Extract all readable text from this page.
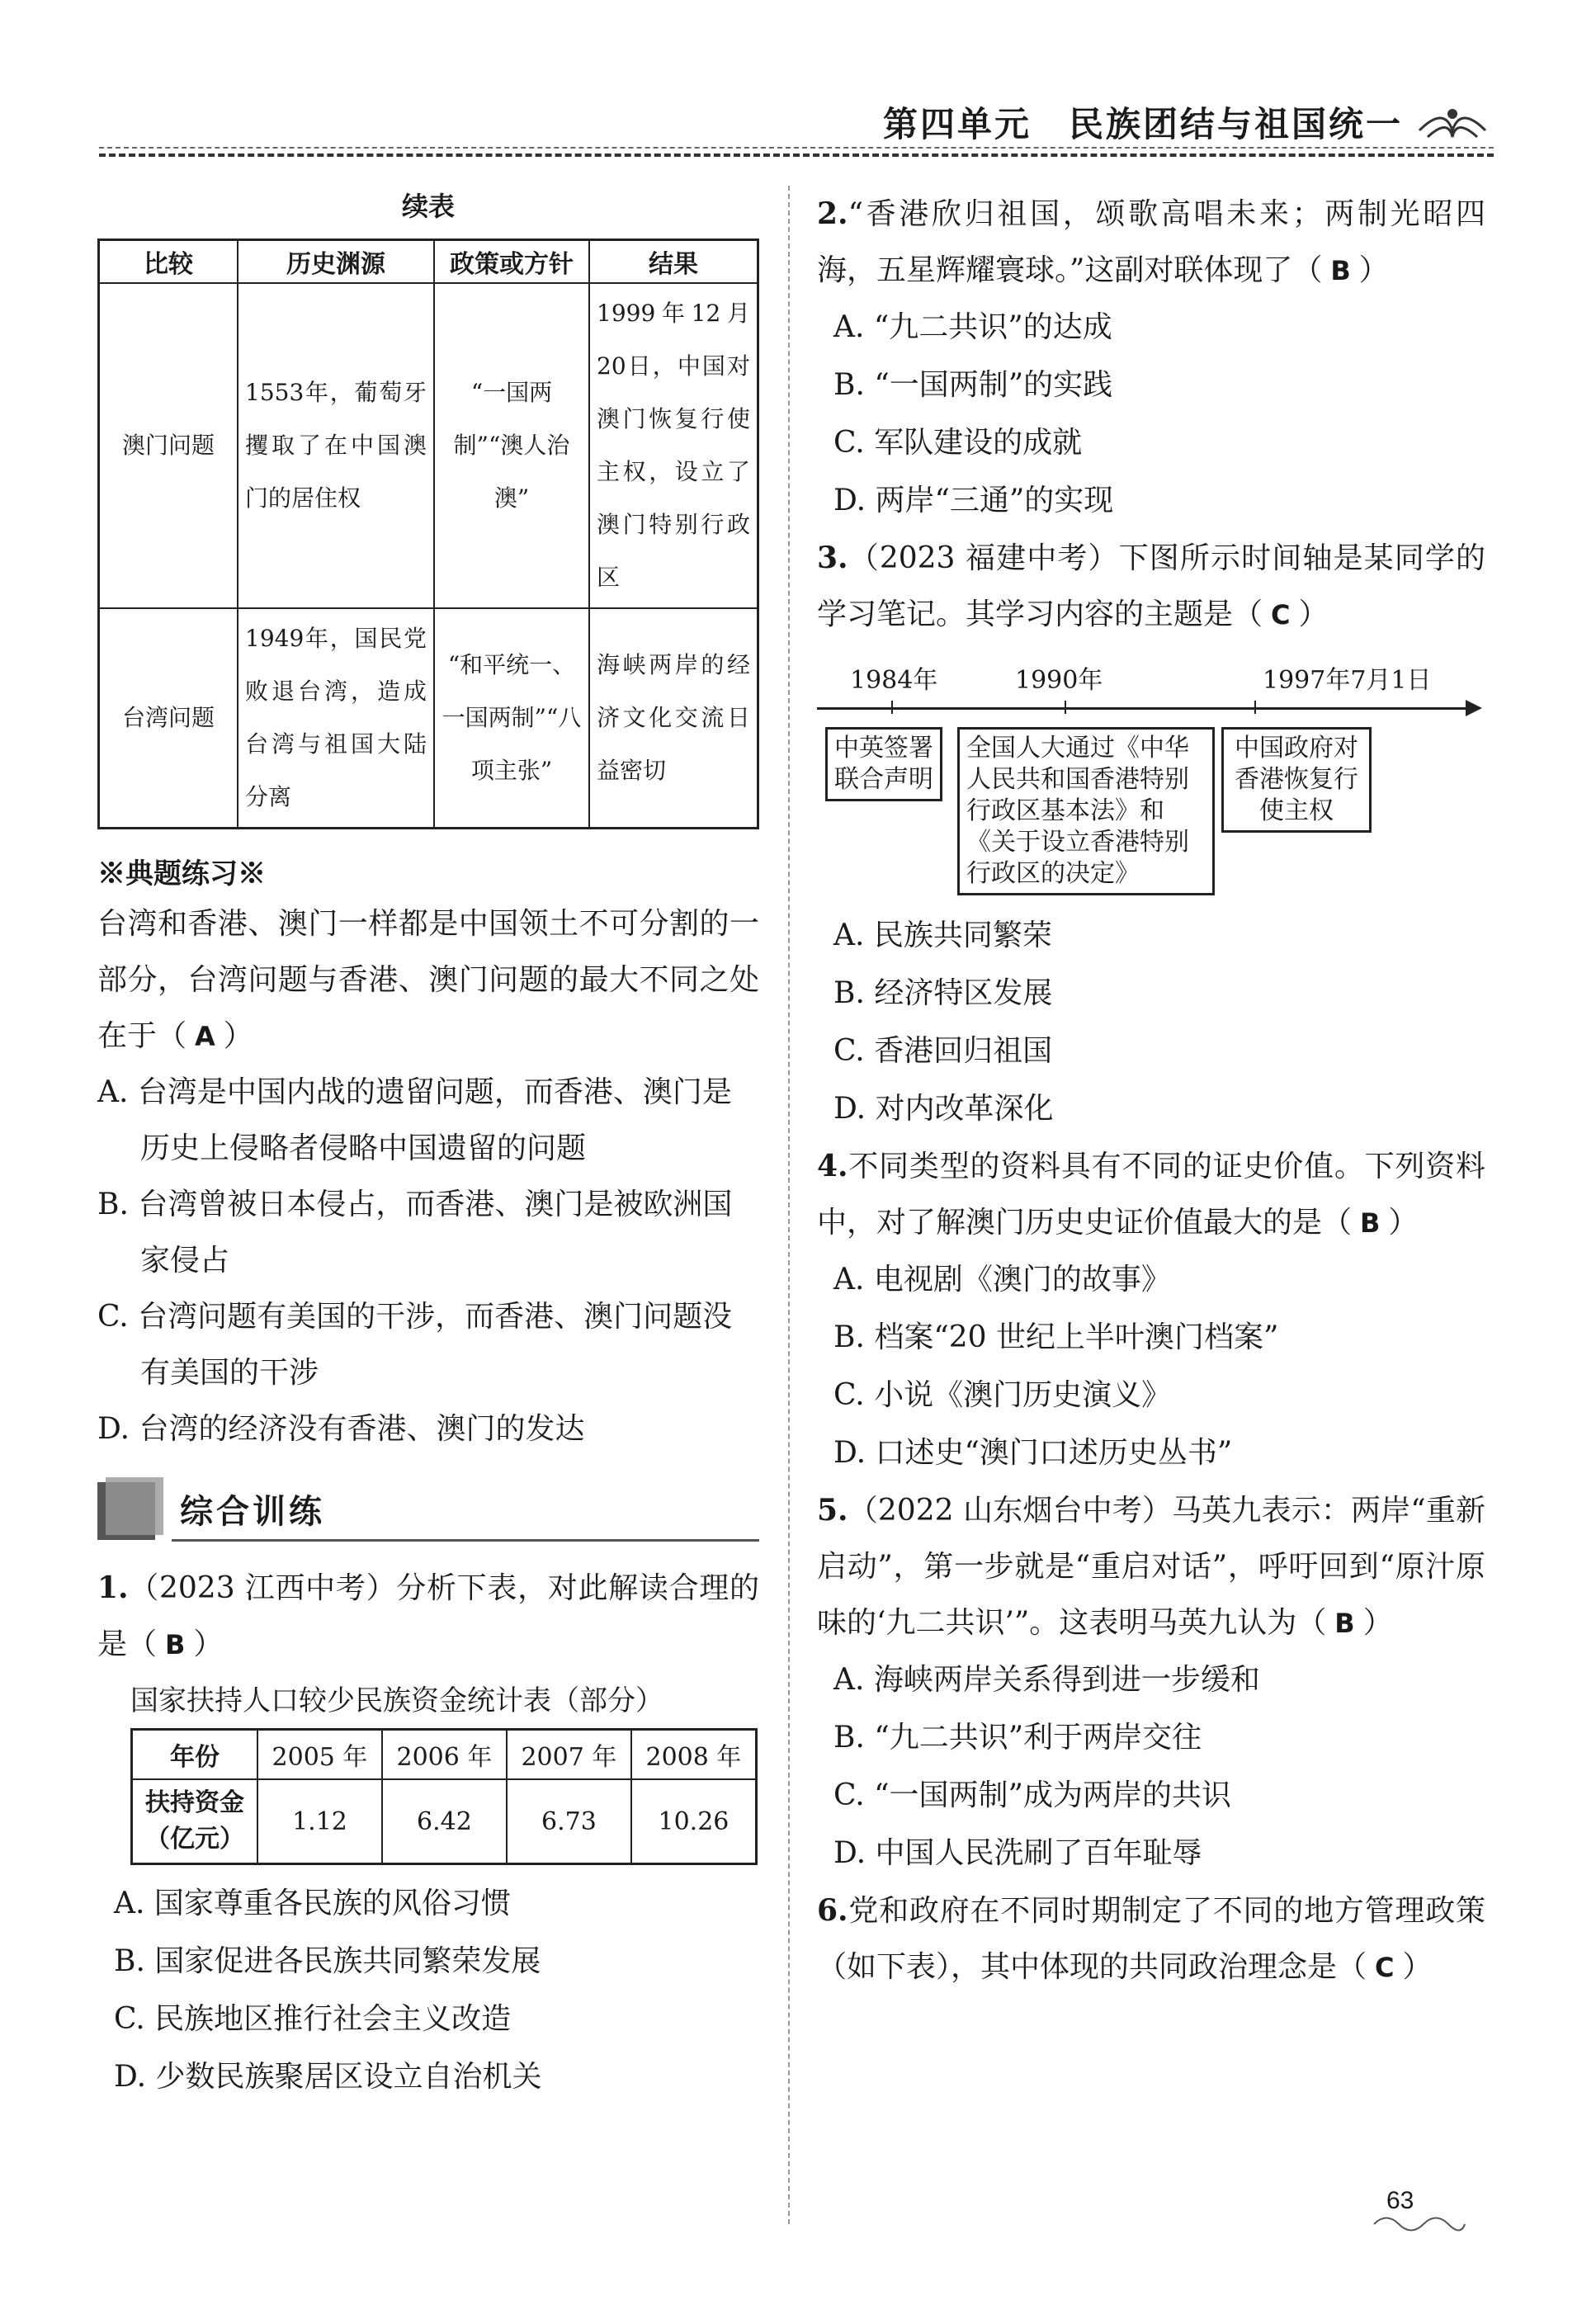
第四单元　民族团结与祖国统一
续表
比较	历史渊源	政策或方针	结果
澳门问题	1553年，葡萄牙攫取了在中国澳门的居住权	“一国两制”“澳人治澳”	1999年12月20日，中国对澳门恢复行使主权，设立了澳门特别行政区
台湾问题	1949年，国民党败退台湾，造成台湾与祖国大陆分离	“和平统一、一国两制”“八项主张”	海峡两岸的经济文化交流日益密切
※典题练习※

台湾和香港、澳门一样都是中国领土不可分割的一部分，台湾问题与香港、澳门问题的最大不同之处在于（ A ）

A. 台湾是中国内战的遗留问题，而香港、澳门是历史上侵略者侵略中国遗留的问题

B. 台湾曾被日本侵占，而香港、澳门是被欧洲国家侵占

C. 台湾问题有美国的干涉，而香港、澳门问题没有美国的干涉

D. 台湾的经济没有香港、澳门的发达

综合训练

1.（2023 江西中考）分析下表，对此解读合理的是（ B ）

国家扶持人口较少民族资金统计表（部分）
年份	2005 年	2006 年	2007 年	2008 年
扶持资金（亿元）	1.12	6.42	6.73	10.26

A. 国家尊重各民族的风俗习惯

B. 国家促进各民族共同繁荣发展

C. 民族地区推行社会主义改造

D. 少数民族聚居区设立自治机关

2.“香港欣归祖国，颂歌高唱未来；两制光昭四海，五星辉耀寰球。”这副对联体现了（ B ）

A. “九二共识”的达成

B. “一国两制”的实践

C. 军队建设的成就

D. 两岸“三通”的实现

3.（2023 福建中考）下图所示时间轴是某同学的学习笔记。其学习内容的主题是（ C ）

1984年	1990年	1997年7月1日
中英签署联合声明
全国人大通过《中华人民共和国香港特别行政区基本法》和《关于设立香港特别行政区的决定》
中国政府对香港恢复行使主权

A. 民族共同繁荣

B. 经济特区发展

C. 香港回归祖国

D. 对内改革深化

4.不同类型的资料具有不同的证史价值。下列资料中，对了解澳门历史史证价值最大的是（ B ）

A. 电视剧《澳门的故事》

B. 档案“20 世纪上半叶澳门档案”

C. 小说《澳门历史演义》

D. 口述史“澳门口述历史丛书”

5.（2022 山东烟台中考）马英九表示：两岸“重新启动”，第一步就是“重启对话”，呼吁回到“原汁原味的‘九二共识’”。这表明马英九认为（ B ）

A. 海峡两岸关系得到进一步缓和

B. “九二共识”利于两岸交往

C. “一国两制”成为两岸的共识

D. 中国人民洗刷了百年耻辱

6.党和政府在不同时期制定了不同的地方管理政策（如下表），其中体现的共同政治理念是（ C ）

63
